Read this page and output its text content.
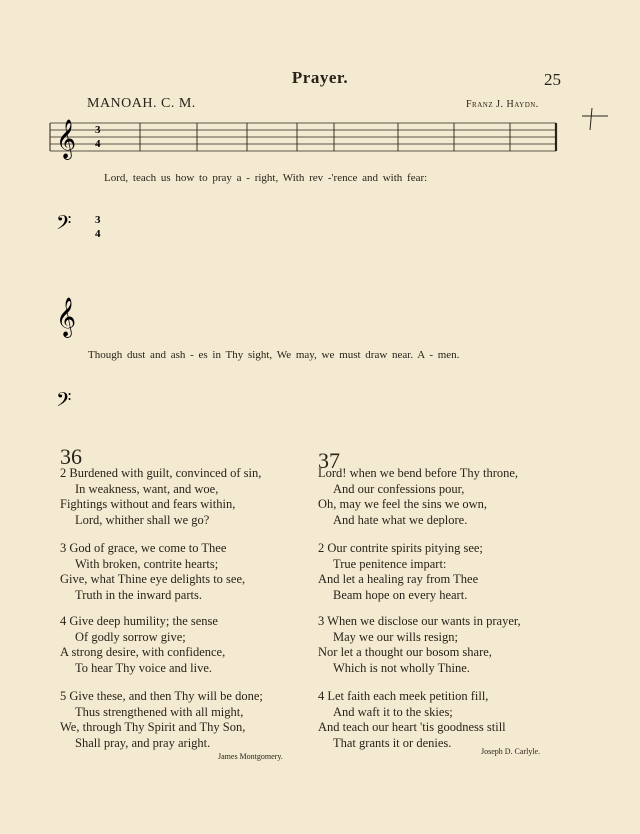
Prayer.	25
MANOAH. C. M.	Franz J. Haydn.
3
4
3
4
𝄞
𝄢
𝄞
𝄢
Lord, teach us how to pray a - right, With rev -'rence and with fear:
Though dust and ash - es in Thy sight, We may, we must draw near. A - men.
36	37
2 Burdened with guilt, convinced of sin,
In weakness, want, and woe,
Fightings without and fears within,
Lord, whither shall we go?
3 God of grace, we come to Thee
With broken, contrite hearts;
Give, what Thine eye delights to see,
Truth in the inward parts.
4 Give deep humility; the sense
Of godly sorrow give;
A strong desire, with confidence,
To hear Thy voice and live.
5 Give these, and then Thy will be done;
Thus strengthened with all might,
We, through Thy Spirit and Thy Son,
Shall pray, and pray aright.
James Montgomery.
Lord! when we bend before Thy throne,
And our confessions pour,
Oh, may we feel the sins we own,
And hate what we deplore.
2 Our contrite spirits pitying see;
True penitence impart:
And let a healing ray from Thee
Beam hope on every heart.
3 When we disclose our wants in prayer,
May we our wills resign;
Nor let a thought our bosom share,
Which is not wholly Thine.
4 Let faith each meek petition fill,
And waft it to the skies;
And teach our heart 'tis goodness still
That grants it or denies.
Joseph D. Carlyle.
